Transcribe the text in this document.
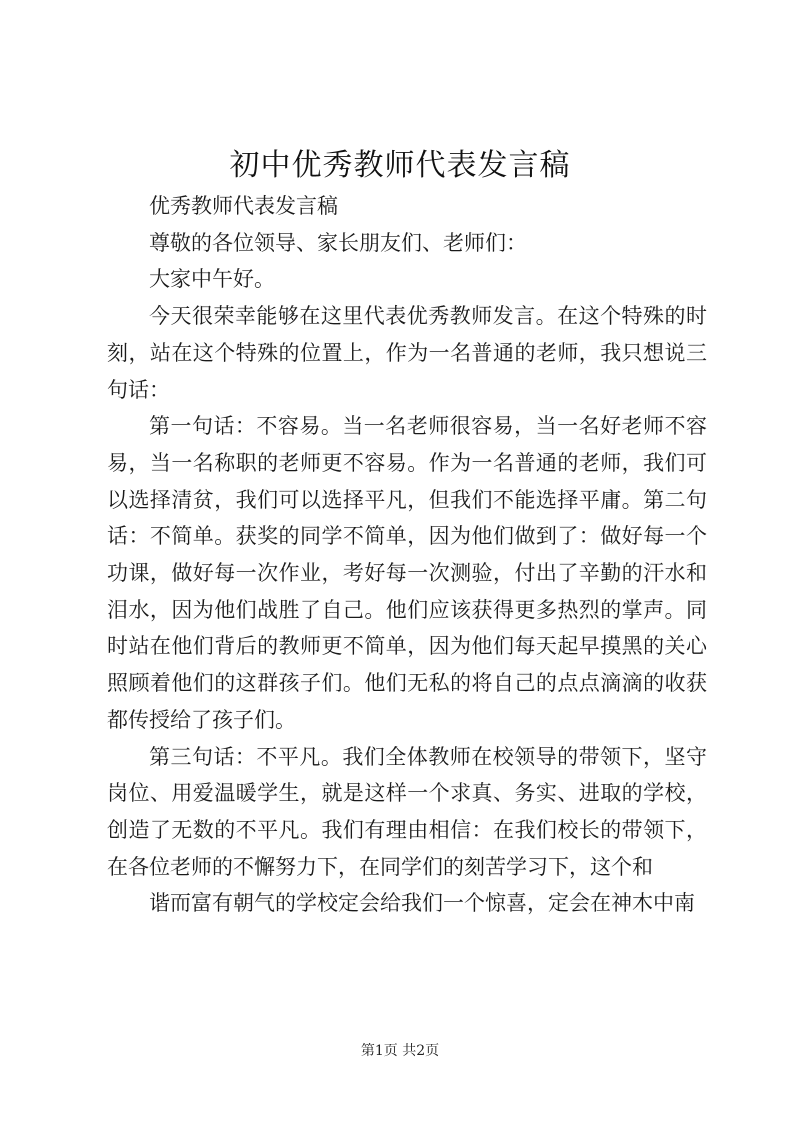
初中优秀教师代表发言稿

优秀教师代表发言稿

尊敬的各位领导、家长朋友们、老师们：

大家中午好。

今天很荣幸能够在这里代表优秀教师发言。在这个特殊的时刻，站在这个特殊的位置上，作为一名普通的老师，我只想说三句话：

第一句话：不容易。当一名老师很容易，当一名好老师不容易，当一名称职的老师更不容易。作为一名普通的老师，我们可以选择清贫，我们可以选择平凡，但我们不能选择平庸。第二句话：不简单。获奖的同学不简单，因为他们做到了：做好每一个功课，做好每一次作业，考好每一次测验，付出了辛勤的汗水和泪水，因为他们战胜了自己。他们应该获得更多热烈的掌声。同时站在他们背后的教师更不简单，因为他们每天起早摸黑的关心照顾着他们的这群孩子们。他们无私的将自己的点点滴滴的收获都传授给了孩子们。

第三句话：不平凡。我们全体教师在校领导的带领下，坚守岗位、用爱温暖学生，就是这样一个求真、务实、进取的学校，创造了无数的不平凡。我们有理由相信：在我们校长的带领下，在各位老师的不懈努力下，在同学们的刻苦学习下，这个和

谐而富有朝气的学校定会给我们一个惊喜，定会在神木中南

第1页 共2页
